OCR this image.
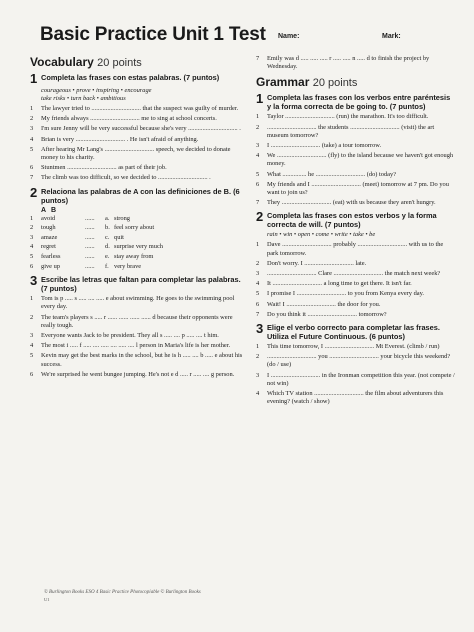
Basic Practice Unit 1 Test Name:	Mark:
Vocabulary 20 points
1 Completa las frases con estas palabras. (7 puntos)
courageous • prove • inspiring • encourage
take risks • turn back • ambitious
1	The lawyer tried to ............................... that the suspect was guilty of murder.
2	My friends always ............................... me to sing at school concerts.
3	I'm sure Jenny will be very successful because she's very ............................... .
4	Brian is very ............................... . He isn't afraid of anything.
5	After hearing Mr Lang's ............................... speech, we decided to donate money to his charity.
6	Stuntmen ............................... as part of their job.
7	The climb was too difficult, so we decided to ............................... .
2 Relaciona las palabras de A con las definiciones de B. (6 puntos)
A B
1	avoid	......	a. strong
2	tough	......	b. feel sorry about
3	amaze	......	c. quit
4	regret	......	d. surprise very much
5	fearless	......	e. stay away from
6	give up	......	f. very brave
3 Escribe las letras que faltan para completar las palabras. (7 puntos)
1	Tom is p ..... s ..... .... ..... e about swimming. He goes to the swimming pool every day.
2	The team's players s ..... r ...... ...... ...... ...... d because their opponents were really tough.
3	Everyone wants Jack to be president. They all s ..... .... p ..... .... t him.
4	The most i ..... f ..... .... ..... .... ..... .... l person in Maria's life is her mother.
5	Kevin may get the best marks in the school, but he is h ..... .... b ..... e about his success.
6	We're surprised he went bungee jumping. He's not e d ..... r ..... .... g person.
7	Emily was d ..... ..... ..... r ..... ..... n ..... d to finish the project by Wednesday.
Grammar 20 points
1 Completa las frases con los verbos entre paréntesis y la forma correcta de be going to. (7 puntos)
1	Taylor ............................... (run) the marathon. It's too difficult.
2	............................... the students ............................... (visit) the art museum tomorrow?
3	I ............................... (take) a tour tomorrow.
4	We ............................... (fly) to the island because we haven't got enough money.
5	What ............... he ............................... (do) today?
6	My friends and I ............................... (meet) tomorrow at 7 pm. Do you want to join us?
7	They ............................... (eat) with us because they aren't hungry.
2 Completa las frases con estos verbos y la forma correcta de will. (7 puntos)
rain • win • open • come • write • take • be
1	Dave ............................... probably ............................... with us to the park tomorrow.
2	Don't worry. I ............................... late.
3	............................... Clare ............................... the match next week?
4	It ............................... a long time to get there. It isn't far.
5	I promise I ............................... to you from Kenya every day.
6	Wait! I ............................... the door for you.
7	Do you think it ............................... tomorrow?
3 Elige el verbo correcto para completar las frases. Utiliza el Future Continuous. (6 puntos)
1	This time tomorrow, I ............................... Mt Everest. (climb / run)
2	............................... you ............................... your bicycle this weekend? (do / use)
3	I ............................... in the Ironman competition this year. (not compete / not win)
4	Which TV station ............................... the film about adventurers this evening? (watch / show)
© Burlington Books ESO 4 Basic Practice Photocopiable © Burlington Books
U1
